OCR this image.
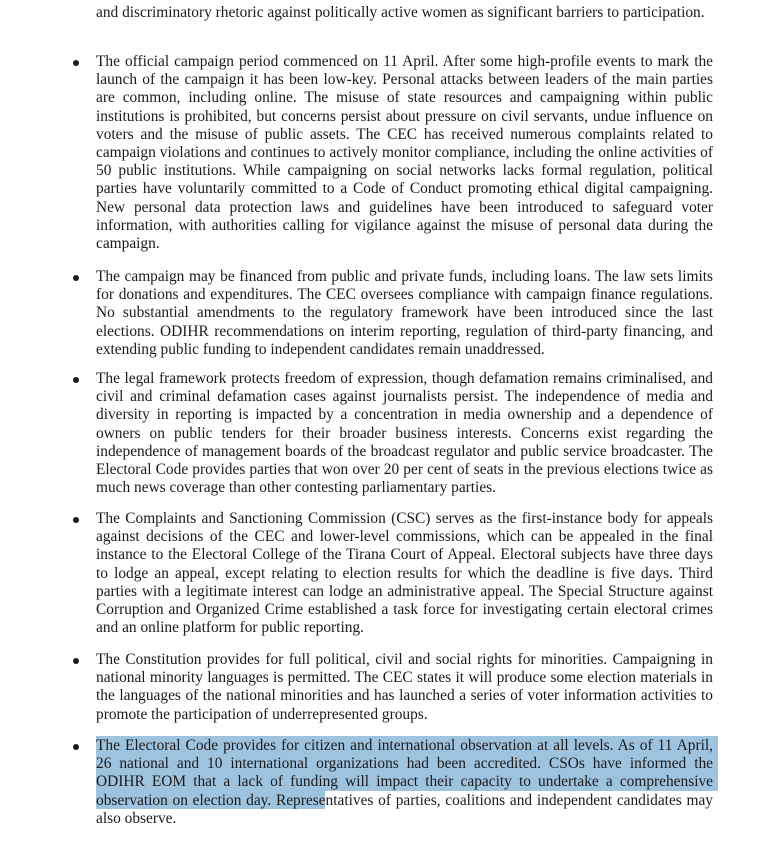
and discriminatory rhetoric against politically active women as significant barriers to participation.

The official campaign period commenced on 11 April. After some high-profile events to mark the launch of the campaign it has been low-key. Personal attacks between leaders of the main parties are common, including online. The misuse of state resources and campaigning within public institutions is prohibited, but concerns persist about pressure on civil servants, undue influence on voters and the misuse of public assets. The CEC has received numerous complaints related to campaign violations and continues to actively monitor compliance, including the online activities of 50 public institutions. While campaigning on social networks lacks formal regulation, political parties have voluntarily committed to a Code of Conduct promoting ethical digital campaigning. New personal data protection laws and guidelines have been introduced to safeguard voter information, with authorities calling for vigilance against the misuse of personal data during the campaign.

The campaign may be financed from public and private funds, including loans. The law sets limits for donations and expenditures. The CEC oversees compliance with campaign finance regulations. No substantial amendments to the regulatory framework have been introduced since the last elections. ODIHR recommendations on interim reporting, regulation of third-party financing, and extending public funding to independent candidates remain unaddressed.

The legal framework protects freedom of expression, though defamation remains criminalised, and civil and criminal defamation cases against journalists persist. The independence of media and diversity in reporting is impacted by a concentration in media ownership and a dependence of owners on public tenders for their broader business interests. Concerns exist regarding the independence of management boards of the broadcast regulator and public service broadcaster. The Electoral Code provides parties that won over 20 per cent of seats in the previous elections twice as much news coverage than other contesting parliamentary parties.

The Complaints and Sanctioning Commission (CSC) serves as the first-instance body for appeals against decisions of the CEC and lower-level commissions, which can be appealed in the final instance to the Electoral College of the Tirana Court of Appeal. Electoral subjects have three days to lodge an appeal, except relating to election results for which the deadline is five days. Third parties with a legitimate interest can lodge an administrative appeal. The Special Structure against Corruption and Organized Crime established a task force for investigating certain electoral crimes and an online platform for public reporting.

The Constitution provides for full political, civil and social rights for minorities. Campaigning in national minority languages is permitted. The CEC states it will produce some election materials in the languages of the national minorities and has launched a series of voter information activities to promote the participation of underrepresented groups.

The Electoral Code provides for citizen and international observation at all levels. As of 11 April, 26 national and 10 international organizations had been accredited. CSOs have informed the ODIHR EOM that a lack of funding will impact their capacity to undertake a comprehensive observation on election day. Representatives of parties, coalitions and independent candidates may also observe.
